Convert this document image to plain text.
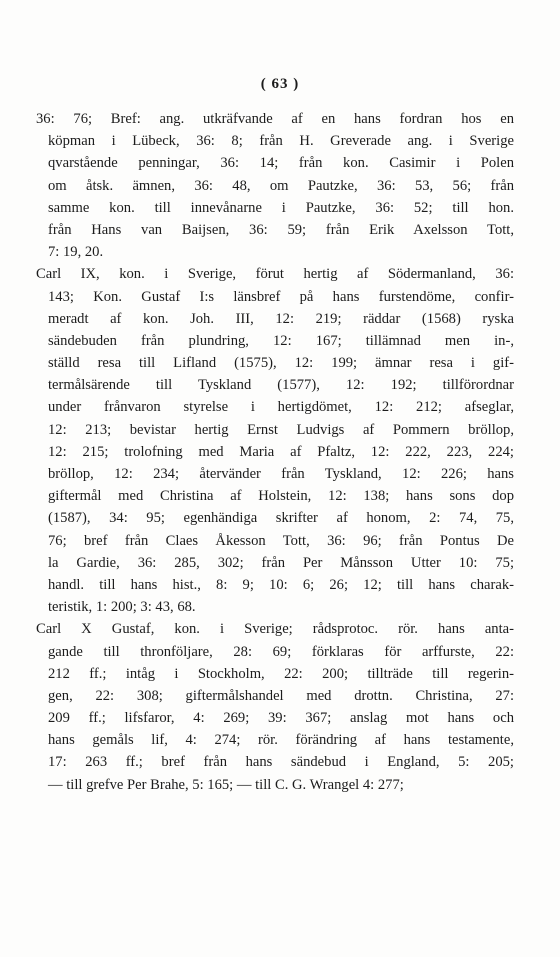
( 63 )
36: 76; Bref: ang. utkräfvande af en hans fordran hos en
köpman i Lübeck, 36: 8; från H. Greverade ang. i Sverige
qvarstående penningar, 36: 14; från kon. Casimir i Polen
om åtsk. ämnen, 36: 48, om Pautzke, 36: 53, 56; från
samme kon. till innevånarne i Pautzke, 36: 52; till hon.
från Hans van Baijsen, 36: 59; från Erik Axelsson Tott,
7: 19, 20.
Carl IX, kon. i Sverige, förut hertig af Södermanland, 36:
143; Kon. Gustaf I:s länsbref på hans furstendöme, confir-
meradt af kon. Joh. III, 12: 219; räddar (1568) ryska
sändebuden från plundring, 12: 167; tillämnad men in-,
ställd resa till Lifland (1575), 12: 199; ämnar resa i gif-
termålsärende till Tyskland (1577), 12: 192; tillförordnar
under frånvaron styrelse i hertigdömet, 12: 212; afseglar,
12: 213; bevistar hertig Ernst Ludvigs af Pommern bröllop,
12: 215; trolofning med Maria af Pfaltz, 12: 222, 223, 224;
bröllop, 12: 234; återvänder från Tyskland, 12: 226; hans
giftermål med Christina af Holstein, 12: 138; hans sons dop
(1587), 34: 95; egenhändiga skrifter af honom, 2: 74, 75,
76; bref från Claes Åkesson Tott, 36: 96; från Pontus De
la Gardie, 36: 285, 302; från Per Månsson Utter 10: 75;
handl. till hans hist., 8: 9; 10: 6; 26; 12; till hans charak-
teristik, 1: 200; 3: 43, 68.
Carl X Gustaf, kon. i Sverige; rådsprotoc. rör. hans anta-
gande till thronföljare, 28: 69; förklaras för arffurste, 22:
212 ff.; intåg i Stockholm, 22: 200; tillträde till regerin-
gen, 22: 308; giftermålshandel med drottn. Christina, 27:
209 ff.; lifsfaror, 4: 269; 39: 367; anslag mot hans och
hans gemåls lif, 4: 274; rör. förändring af hans testamente,
17: 263 ff.; bref från hans sändebud i England, 5: 205;
— till grefve Per Brahe, 5: 165; — till C. G. Wrangel 4: 277;
